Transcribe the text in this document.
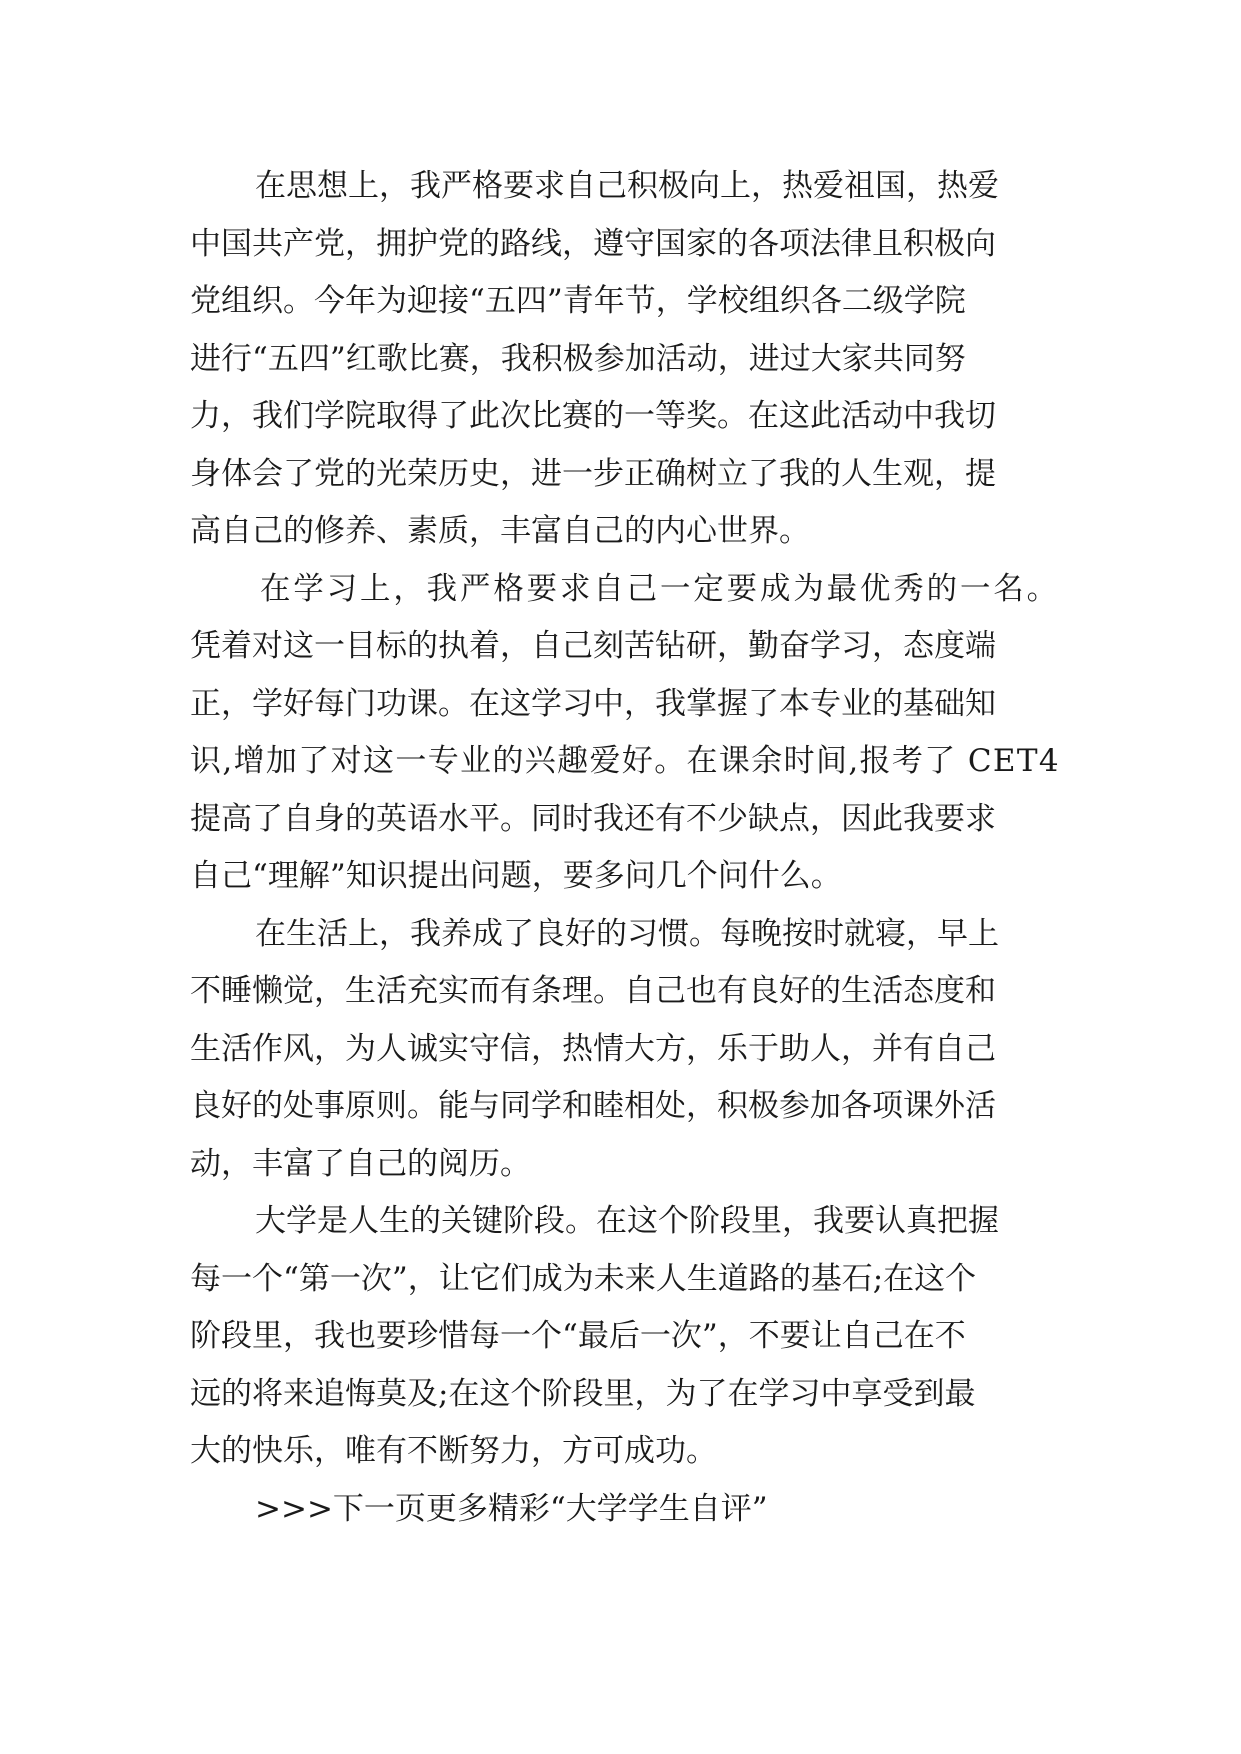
在思想上，我严格要求自己积极向上，热爱祖国，热爱
中国共产党，拥护党的路线，遵守国家的各项法律且积极向
党组织。今年为迎接“五四”青年节，学校组织各二级学院
进行“五四”红歌比赛，我积极参加活动，进过大家共同努
力，我们学院取得了此次比赛的一等奖。在这此活动中我切
身体会了党的光荣历史，进一步正确树立了我的人生观，提
高自己的修养、素质，丰富自己的内心世界。
在学习上，我严格要求自己一定要成为最优秀的一名。
凭着对这一目标的执着，自己刻苦钻研，勤奋学习，态度端
正，学好每门功课。在这学习中，我掌握了本专业的基础知
识,增加了对这一专业的兴趣爱好。在课余时间,报考了 CET4
提高了自身的英语水平。同时我还有不少缺点，因此我要求
自己“理解”知识提出问题，要多问几个问什么。
在生活上，我养成了良好的习惯。每晚按时就寝，早上
不睡懒觉，生活充实而有条理。自己也有良好的生活态度和
生活作风，为人诚实守信，热情大方，乐于助人，并有自己
良好的处事原则。能与同学和睦相处，积极参加各项课外活
动，丰富了自己的阅历。
大学是人生的关键阶段。在这个阶段里，我要认真把握
每一个“第一次”，让它们成为未来人生道路的基石;在这个
阶段里，我也要珍惜每一个“最后一次”，不要让自己在不
远的将来追悔莫及;在这个阶段里，为了在学习中享受到最
大的快乐，唯有不断努力，方可成功。
>>>下一页更多精彩“大学学生自评”
